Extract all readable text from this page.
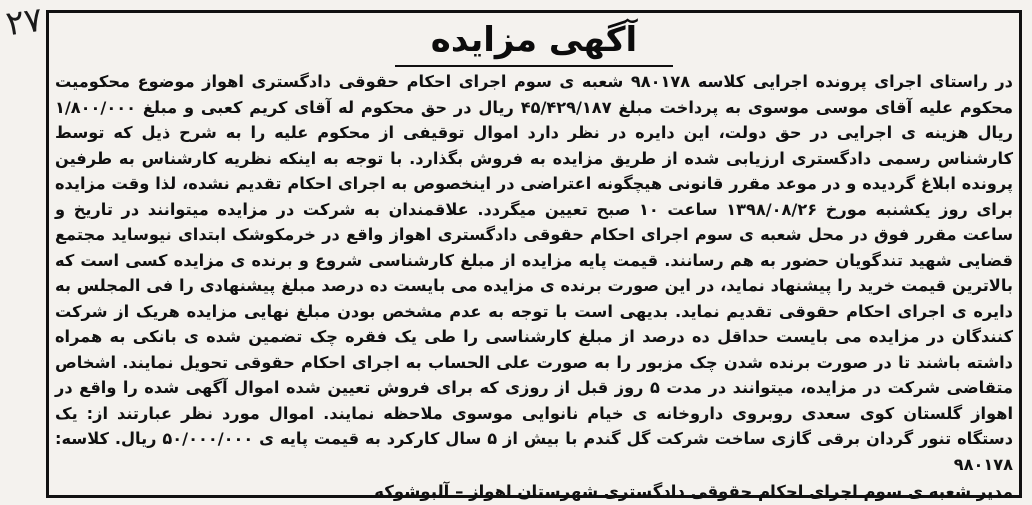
۲۷	آگهی مزایده

در راستای اجرای پرونده اجرایی کلاسه ۹۸۰۱۷۸ شعبه ی سوم اجرای احکام حقوقی دادگستری اهواز موضوع محکومیت محکوم علیه آقای موسی موسوی به پرداخت مبلغ ۴۵/۴۲۹/۱۸۷ ریال در حق محکوم له آقای کریم کعبی و مبلغ ۱/۸۰۰/۰۰۰ ریال هزینه ی اجرایی در حق دولت، این دایره در نظر دارد اموال توقیفی از محکوم علیه را به شرح ذیل که توسط کارشناس رسمی دادگستری ارزیابی شده از طریق مزایده به فروش بگذارد. با توجه به اینکه نظریه کارشناس به طرفین پرونده ابلاغ گردیده و در موعد مقرر قانونی هیچگونه اعتراضی در اینخصوص به اجرای احکام تقدیم نشده، لذا وقت مزایده برای روز یکشنبه مورخ ۱۳۹۸/۰۸/۲۶ ساعت ۱۰ صبح تعیین میگردد. علاقمندان به شرکت در مزایده میتوانند در تاریخ و ساعت مقرر فوق در محل شعبه ی سوم اجرای احکام حقوقی دادگستری اهواز واقع در خرمکوشک ابتدای نیوساید مجتمع قضایی شهید تندگویان حضور به هم رسانند. قیمت پایه مزایده از مبلغ کارشناسی شروع و برنده ی مزایده کسی است که بالاترین قیمت خرید را پیشنهاد نماید، در این صورت برنده ی مزایده می بایست ده درصد مبلغ پیشنهادی را فی المجلس به دایره ی اجرای احکام حقوقی تقدیم نماید. بدیهی است با توجه به عدم مشخص بودن مبلغ نهایی مزایده هریک از شرکت کنندگان در مزایده می بایست حداقل ده درصد از مبلغ کارشناسی را طی یک فقره چک تضمین شده ی بانکی به همراه داشته باشند تا در صورت برنده شدن چک مزبور را به صورت علی الحساب به اجرای احکام حقوقی تحویل نمایند. اشخاص متقاضی شرکت در مزایده، میتوانند در مدت ۵ روز قبل از روزی که برای فروش تعیین شده اموال آگهی شده را واقع در اهواز گلستان کوی سعدی روبروی داروخانه ی خیام نانوایی موسوی ملاحظه نمایند. اموال مورد نظر عبارتند از: یک دستگاه تنور گردان برقی گازی ساخت شرکت گل گندم با بیش از ۵ سال کارکرد به قیمت پایه ی ۵۰/۰۰۰/۰۰۰ ریال. کلاسه: ۹۸۰۱۷۸

مدیر شعبه ی سوم اجرای احکام حقوقی دادگستری شهرستان اهواز – آلبوشوکه
